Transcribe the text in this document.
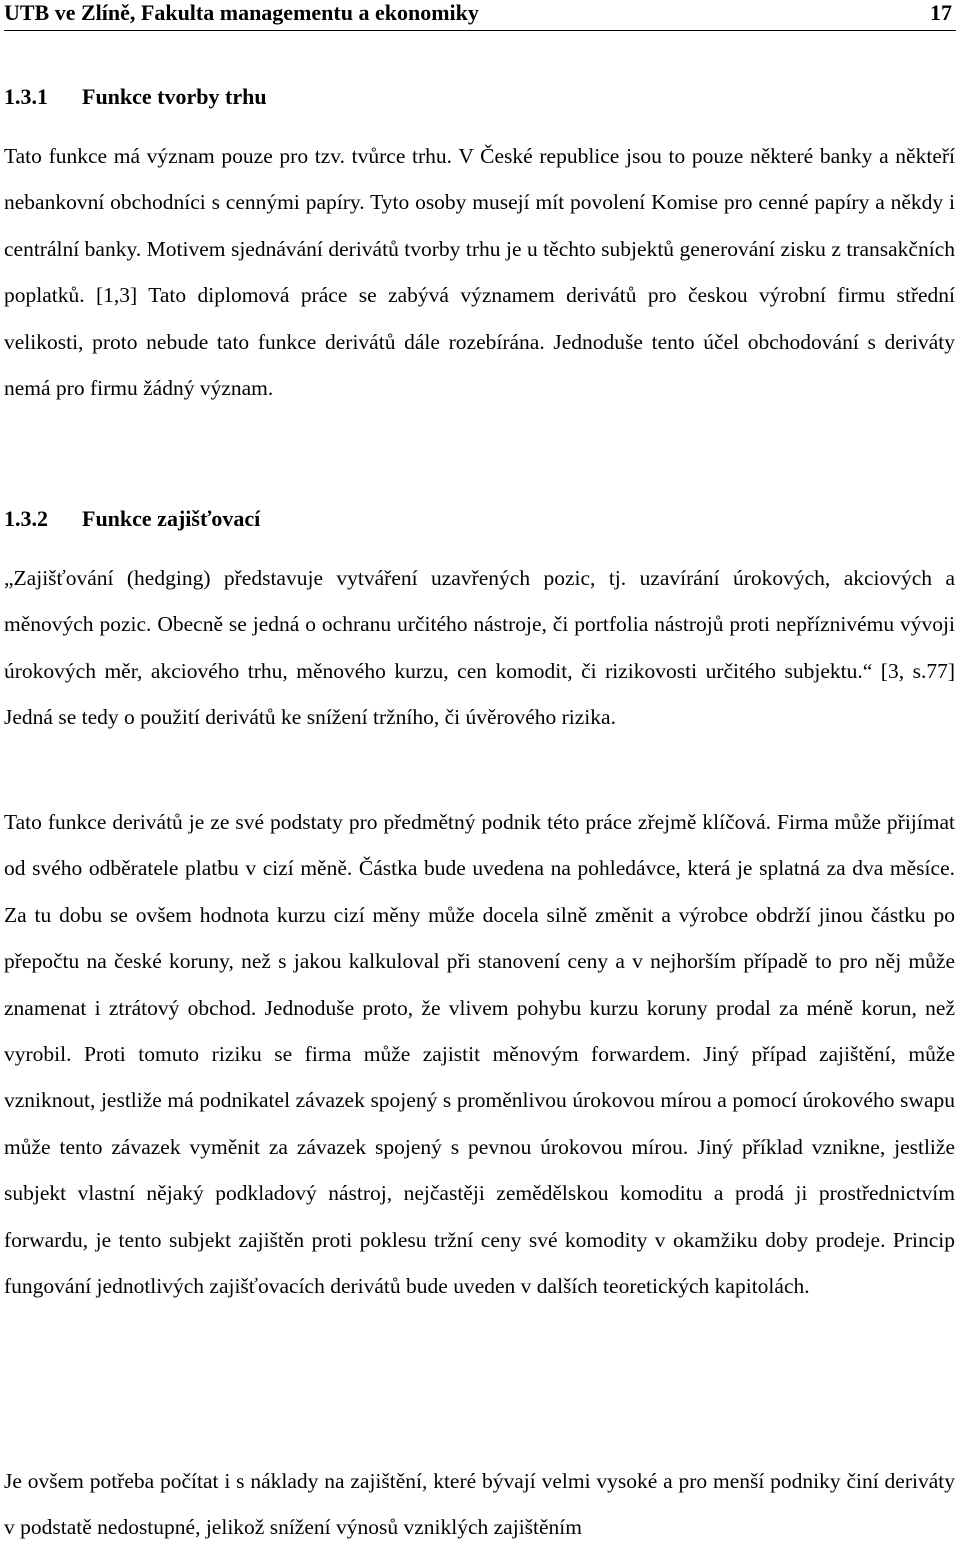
UTB ve Zlíně, Fakulta managementu a ekonomiky	17
1.3.1 Funkce tvorby trhu

Tato funkce má význam pouze pro tzv. tvůrce trhu. V České republice jsou to pouze některé banky a někteří nebankovní obchodníci s cennými papíry. Tyto osoby musejí mít povolení Komise pro cenné papíry a někdy i centrální banky. Motivem sjednávání derivátů tvorby trhu je u těchto subjektů generování zisku z transakčních poplatků. [1,3] Tato diplomová práce se zabývá významem derivátů pro českou výrobní firmu střední velikosti, proto nebude tato funkce derivátů dále rozebírána. Jednoduše tento účel obchodování s deriváty nemá pro firmu žádný význam.

1.3.2 Funkce zajišťovací

„Zajišťování (hedging) představuje vytváření uzavřených pozic, tj. uzavírání úrokových, akciových a měnových pozic. Obecně se jedná o ochranu určitého nástroje, či portfolia nástrojů proti nepříznivému vývoji úrokových měr, akciového trhu, měnového kurzu, cen komodit, či rizikovosti určitého subjektu.“ [3, s.77] Jedná se tedy o použití derivátů ke snížení tržního, či úvěrového rizika.

Tato funkce derivátů je ze své podstaty pro předmětný podnik této práce zřejmě klíčová. Firma může přijímat od svého odběratele platbu v cizí měně. Částka bude uvedena na pohledávce, která je splatná za dva měsíce. Za tu dobu se ovšem hodnota kurzu cizí měny může docela silně změnit a výrobce obdrží jinou částku po přepočtu na české koruny, než s jakou kalkuloval při stanovení ceny a v nejhorším případě to pro něj může znamenat i ztrátový obchod. Jednoduše proto, že vlivem pohybu kurzu koruny prodal za méně korun, než vyrobil. Proti tomuto riziku se firma může zajistit měnovým forwardem. Jiný případ zajištění, může vzniknout, jestliže má podnikatel závazek spojený s proměnlivou úrokovou mírou a pomocí úrokového swapu může tento závazek vyměnit za závazek spojený s pevnou úrokovou mírou. Jiný příklad vznikne, jestliže subjekt vlastní nějaký podkladový nástroj, nejčastěji zemědělskou komoditu a prodá ji prostřednictvím forwardu, je tento subjekt zajištěn proti poklesu tržní ceny své komodity v okamžiku doby prodeje. Princip fungování jednotlivých zajišťovacích derivátů bude uveden v dalších teoretických kapitolách.

Je ovšem potřeba počítat i s náklady na zajištění, které bývají velmi vysoké a pro menší podniky činí deriváty v podstatě nedostupné, jelikož snížení výnosů vzniklých zajištěním
